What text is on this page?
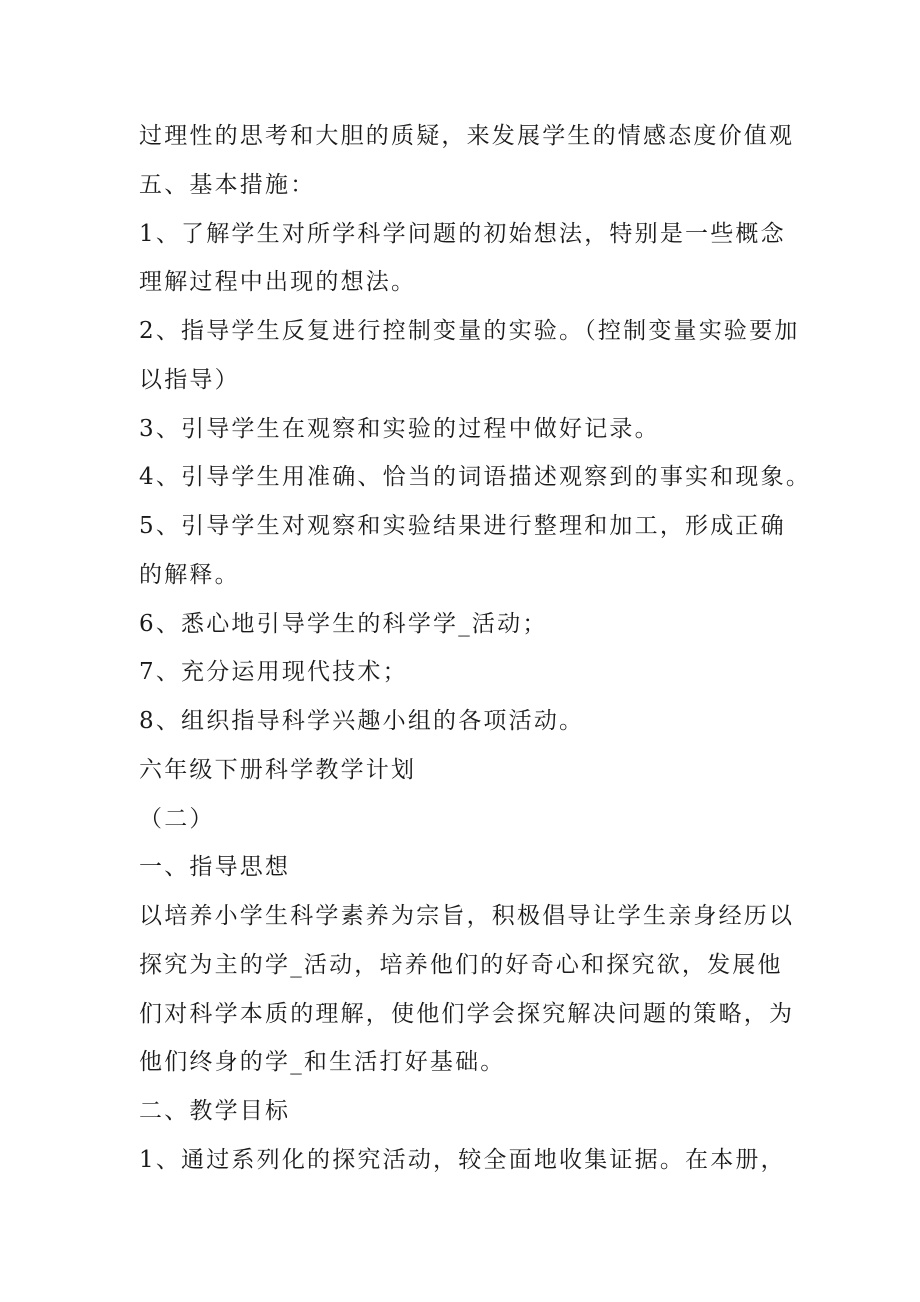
过理性的思考和大胆的质疑，来发展学生的情感态度价值观
五、基本措施：
1、了解学生对所学科学问题的初始想法，特别是一些概念
理解过程中出现的想法。
2、指导学生反复进行控制变量的实验。（控制变量实验要加
以指导）
3、引导学生在观察和实验的过程中做好记录。
4、引导学生用准确、恰当的词语描述观察到的事实和现象。
5、引导学生对观察和实验结果进行整理和加工，形成正确
的解释。
6、悉心地引导学生的科学学_活动；
7、充分运用现代技术；
8、组织指导科学兴趣小组的各项活动。
六年级下册科学教学计划
（二）
一、指导思想
以培养小学生科学素养为宗旨，积极倡导让学生亲身经历以
探究为主的学_活动，培养他们的好奇心和探究欲，发展他
们对科学本质的理解，使他们学会探究解决问题的策略，为
他们终身的学_和生活打好基础。
二、教学目标
1、通过系列化的探究活动，较全面地收集证据。在本册，
